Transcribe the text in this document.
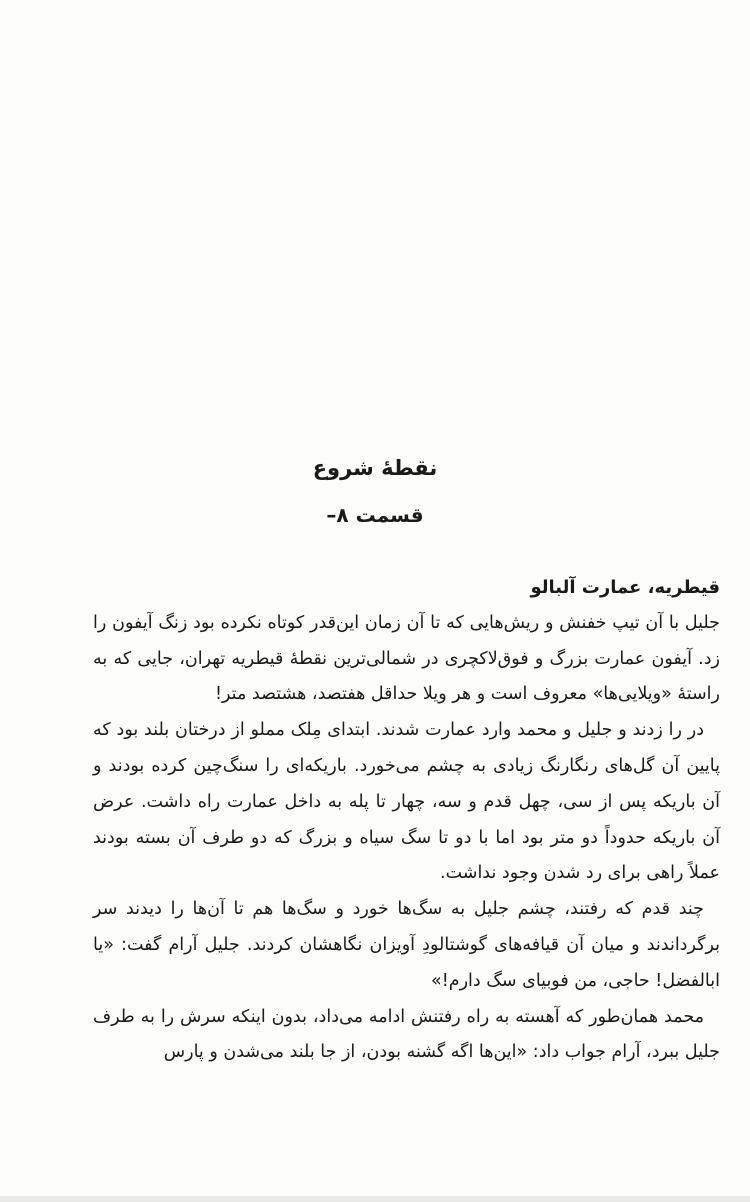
نقطهٔ شروع
قسمت ۸–
قیطریه، عمارت آلبالو

جلیل با آن تیپ خفنش و ریش‌هایی که تا آن زمان این‌قدر کوتاه نکرده بود زنگ آیفون را زد. آیفون عمارت بزرگ و فوق‌لاکچری در شمالی‌ترین نقطهٔ قیطریه تهران، جایی که به راستهٔ «ویلایی‌ها» معروف است و هر ویلا حداقل هفتصد، هشتصد متر!

در را زدند و جلیل و محمد وارد عمارت شدند. ابتدای مِلک مملو از درختان بلند بود که پایین آن گل‌های رنگارنگ زیادی به چشم می‌خورد. باریکه‌ای را سنگ‌چین کرده بودند و آن باریکه پس از سی، چهل قدم و سه، چهار تا پله به داخل عمارت راه داشت. عرض آن باریکه حدوداً دو متر بود اما با دو تا سگ سیاه و بزرگ که دو طرف آن بسته بودند عملاً راهی برای رد شدن وجود نداشت.

چند قدم که رفتند، چشم جلیل به سگ‌ها خورد و سگ‌ها هم تا آن‌ها را دیدند سر برگرداندند و میان آن قیافه‌های گوشتالودِ آویزان نگاهشان کردند. جلیل آرام گفت: «یا ابالفضل! حاجی، من فوبیای سگ دارم!»

محمد همان‌طور که آهسته به راه رفتنش ادامه می‌داد، بدون اینکه سرش را به طرف جلیل ببرد، آرام جواب داد: «این‌ها اگه گشنه بودن، از جا بلند می‌شدن و پارس
